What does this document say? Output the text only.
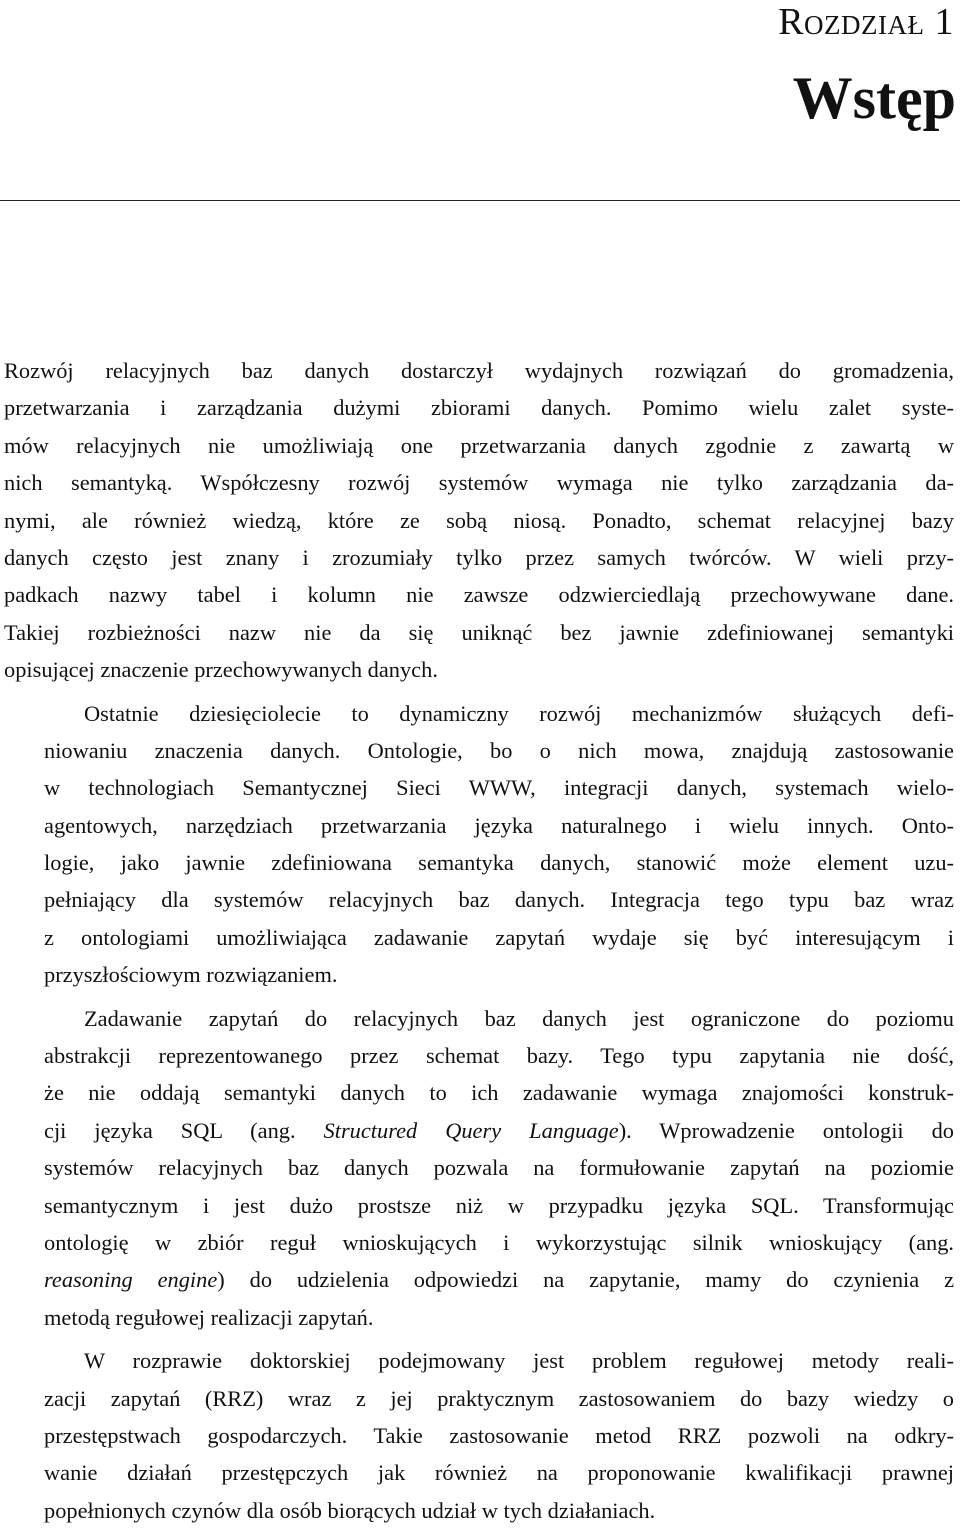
Rozdział 1
Wstęp
Rozwój relacyjnych baz danych dostarczył wydajnych rozwiązań do gromadzenia,
przetwarzania i zarządzania dużymi zbiorami danych. Pomimo wielu zalet syste-
mów relacyjnych nie umożliwiają one przetwarzania danych zgodnie z zawartą w
nich semantyką. Współczesny rozwój systemów wymaga nie tylko zarządzania da-
nymi, ale również wiedzą, które ze sobą niosą. Ponadto, schemat relacyjnej bazy
danych często jest znany i zrozumiały tylko przez samych twórców. W wieli przy-
padkach nazwy tabel i kolumn nie zawsze odzwierciedlają przechowywane dane.
Takiej rozbieżności nazw nie da się uniknąć bez jawnie zdefiniowanej semantyki
opisującej znaczenie przechowywanych danych.
Ostatnie dziesięciolecie to dynamiczny rozwój mechanizmów służących defi-
niowaniu znaczenia danych. Ontologie, bo o nich mowa, znajdują zastosowanie
w technologiach Semantycznej Sieci WWW, integracji danych, systemach wielo-
agentowych, narzędziach przetwarzania języka naturalnego i wielu innych. Onto-
logie, jako jawnie zdefiniowana semantyka danych, stanowić może element uzu-
pełniający dla systemów relacyjnych baz danych. Integracja tego typu baz wraz
z ontologiami umożliwiająca zadawanie zapytań wydaje się być interesującym i
przyszłościowym rozwiązaniem.
Zadawanie zapytań do relacyjnych baz danych jest ograniczone do poziomu
abstrakcji reprezentowanego przez schemat bazy. Tego typu zapytania nie dość,
że nie oddają semantyki danych to ich zadawanie wymaga znajomości konstruk-
cji języka SQL (ang. Structured Query Language). Wprowadzenie ontologii do
systemów relacyjnych baz danych pozwala na formułowanie zapytań na poziomie
semantycznym i jest dużo prostsze niż w przypadku języka SQL. Transformując
ontologię w zbiór reguł wnioskujących i wykorzystując silnik wnioskujący (ang.
reasoning engine) do udzielenia odpowiedzi na zapytanie, mamy do czynienia z
metodą regułowej realizacji zapytań.
W rozprawie doktorskiej podejmowany jest problem regułowej metody reali-
zacji zapytań (RRZ) wraz z jej praktycznym zastosowaniem do bazy wiedzy o
przestępstwach gospodarczych. Takie zastosowanie metod RRZ pozwoli na odkry-
wanie działań przestępczych jak również na proponowanie kwalifikacji prawnej
popełnionych czynów dla osób biorących udział w tych działaniach.
